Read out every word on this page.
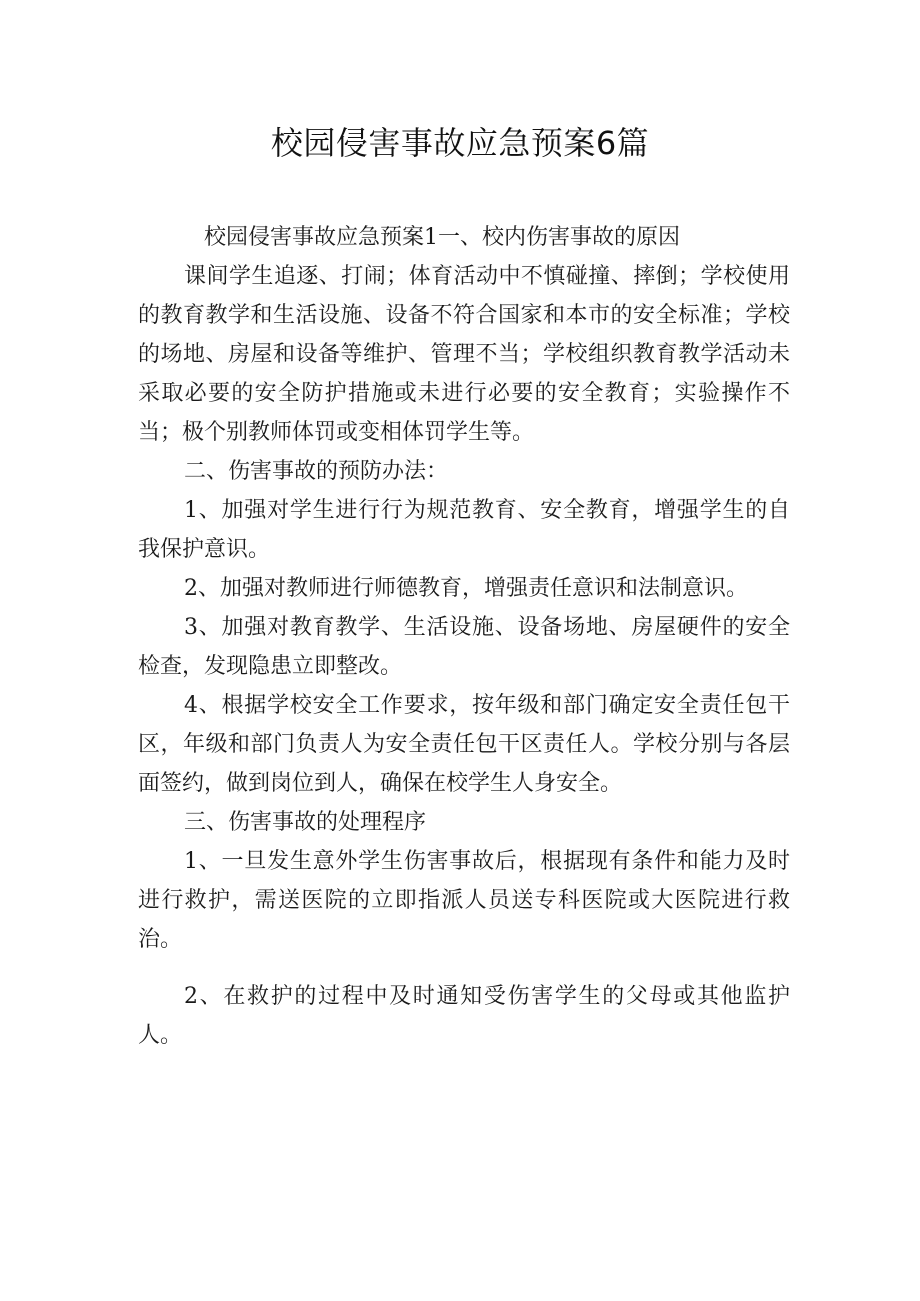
校园侵害事故应急预案6篇
校园侵害事故应急预案1一、校内伤害事故的原因

课间学生追逐、打闹；体育活动中不慎碰撞、摔倒；学校使用的教育教学和生活设施、设备不符合国家和本市的安全标准；学校的场地、房屋和设备等维护、管理不当；学校组织教育教学活动未采取必要的安全防护措施或未进行必要的安全教育；实验操作不当；极个别教师体罚或变相体罚学生等。

二、伤害事故的预防办法：

1、加强对学生进行行为规范教育、安全教育，增强学生的自我保护意识。

2、加强对教师进行师德教育，增强责任意识和法制意识。

3、加强对教育教学、生活设施、设备场地、房屋硬件的安全检查，发现隐患立即整改。

4、根据学校安全工作要求，按年级和部门确定安全责任包干区，年级和部门负责人为安全责任包干区责任人。学校分别与各层面签约，做到岗位到人，确保在校学生人身安全。

三、伤害事故的处理程序

1、一旦发生意外学生伤害事故后，根据现有条件和能力及时进行救护，需送医院的立即指派人员送专科医院或大医院进行救治。

2、在救护的过程中及时通知受伤害学生的父母或其他监护人。
